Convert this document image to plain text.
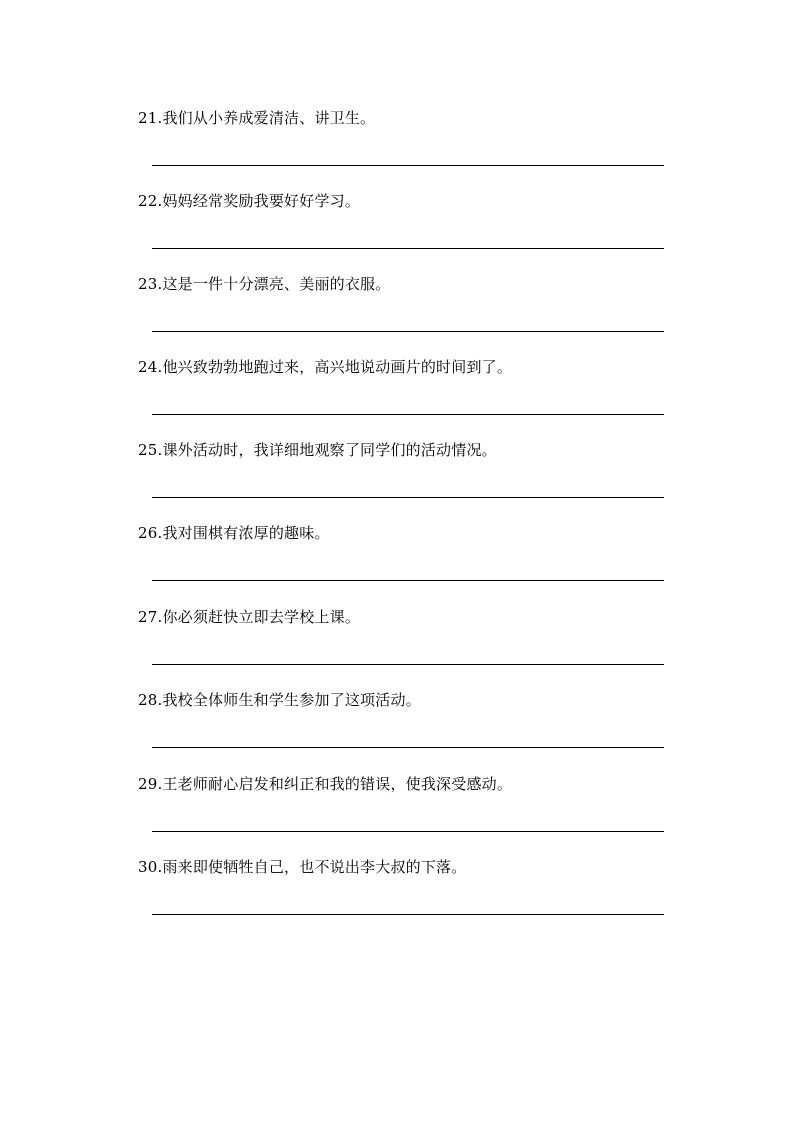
21.我们从小养成爱清洁、讲卫生。
22.妈妈经常奖励我要好好学习。
23.这是一件十分漂亮、美丽的衣服。
24.他兴致勃勃地跑过来，高兴地说动画片的时间到了。
25.课外活动时，我详细地观察了同学们的活动情况。
26.我对围棋有浓厚的趣味。
27.你必须赶快立即去学校上课。
28.我校全体师生和学生参加了这项活动。
29.王老师耐心启发和纠正和我的错误，使我深受感动。
30.雨来即使牺牲自己，也不说出李大叔的下落。
